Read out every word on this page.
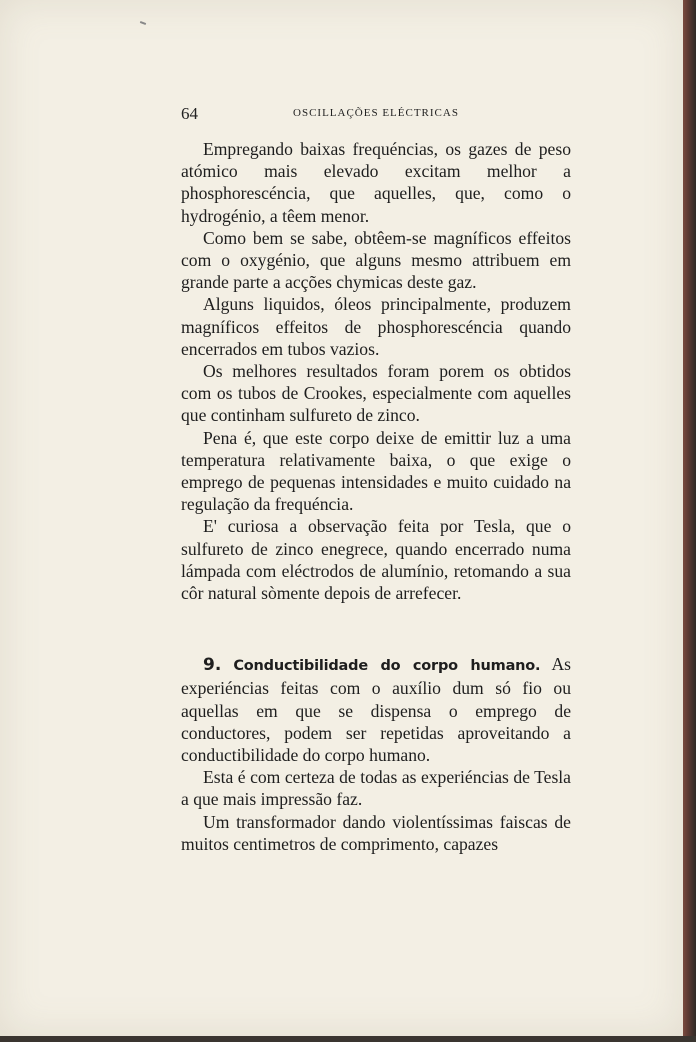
64	OSCILLAÇÕES ELÉCTRICAS

Empregando baixas frequéncias, os gazes de peso atómico mais elevado excitam melhor a phosphorescéncia, que aquelles, que, como o hydrogénio, a têem menor.

Como bem se sabe, obtêem-se magníficos effeitos com o oxygénio, que alguns mesmo attribuem em grande parte a acções chymicas deste gaz.

Alguns liquidos, óleos principalmente, produzem magníficos effeitos de phosphorescéncia quando encerrados em tubos vazios.

Os melhores resultados foram porem os obtidos com os tubos de Crookes, especialmente com aquelles que continham sulfureto de zinco.

Pena é, que este corpo deixe de emittir luz a uma temperatura relativamente baixa, o que exige o emprego de pequenas intensidades e muito cuidado na regulação da frequéncia.

E' curiosa a observação feita por Tesla, que o sulfureto de zinco enegrece, quando encerrado numa lámpada com eléctrodos de alumínio, retomando a sua côr natural sòmente depois de arrefecer.

9. Conductibilidade do corpo humano. As experiéncias feitas com o auxílio dum só fio ou aquellas em que se dispensa o emprego de conductores, podem ser repetidas aproveitando a conductibilidade do corpo humano.

Esta é com certeza de todas as experiéncias de Tesla a que mais impressão faz.

Um transformador dando violentíssimas faiscas de muitos centimetros de comprimento, capazes
